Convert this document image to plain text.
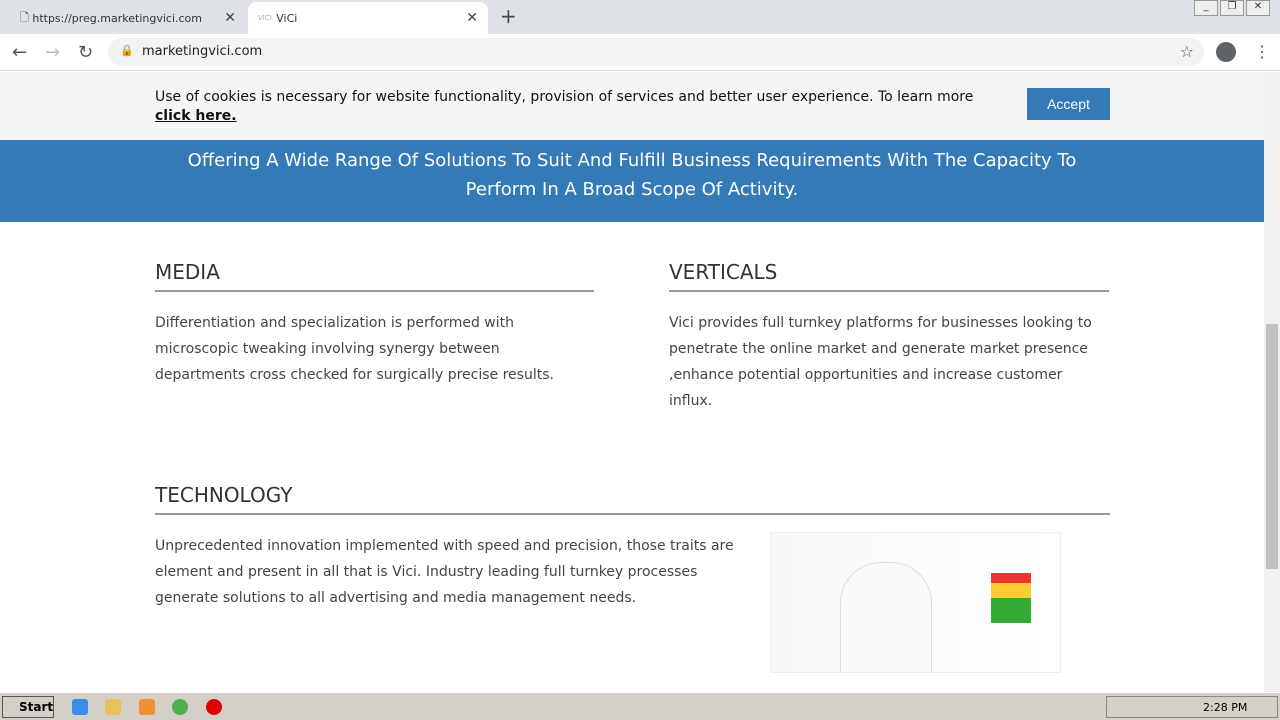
🗋 https://preg.marketingvici.com ✕	VICI ViCi	✕ +	_	❐	✕
← → ↻ 🔒 marketingvici.com	☆	⋮

Use of cookies is necessary for website functionality, provision of services and better user experience. To learn more
click here.

Accept
Offering A Wide Range Of Solutions To Suit And Fulfill Business Requirements With The Capacity To Perform In A Broad Scope Of Activity.
MEDIA

Differentiation and specialization is performed with microscopic tweaking involving synergy between departments cross checked for surgically precise results.

VERTICALS

Vici provides full turnkey platforms for businesses looking to penetrate the online market and generate market presence ,enhance potential opportunities and increase customer influx.

TECHNOLOGY

Unprecedented innovation implemented with speed and precision, those traits are element and present in all that is Vici. Industry leading full turnkey processes generate solutions to all advertising and media management needs.

Start	2:28 PM
